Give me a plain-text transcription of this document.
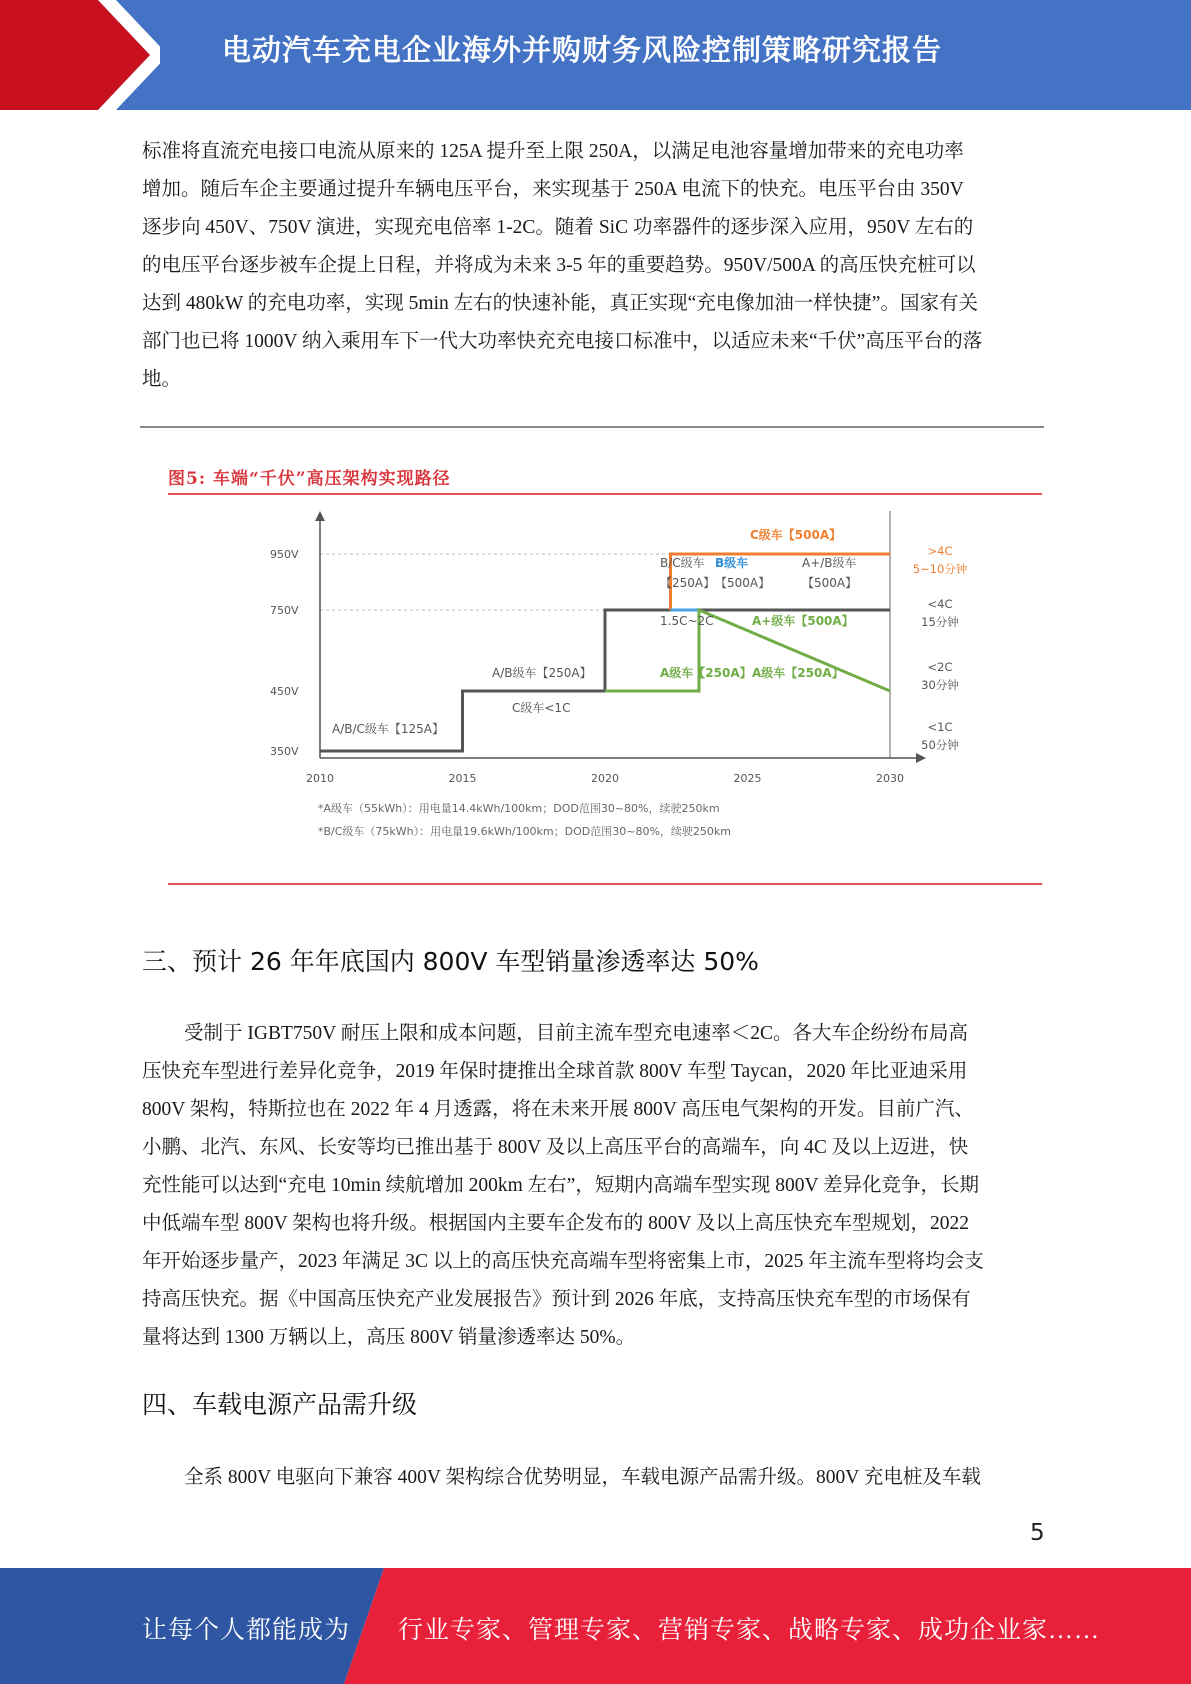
电动汽车充电企业海外并购财务风险控制策略研究报告
标准将直流充电接口电流从原来的 125A 提升至上限 250A，以满足电池容量增加带来的充电功率
增加。随后车企主要通过提升车辆电压平台，来实现基于 250A 电流下的快充。电压平台由 350V
逐步向 450V、750V 演进，实现充电倍率 1-2C。随着 SiC 功率器件的逐步深入应用，950V 左右的
的电压平台逐步被车企提上日程，并将成为未来 3-5 年的重要趋势。950V/500A 的高压快充桩可以
达到 480kW 的充电功率，实现 5min 左右的快速补能，真正实现“充电像加油一样快捷”。国家有关
部门也已将 1000V 纳入乘用车下一代大功率快充充电接口标准中，以适应未来“千伏”高压平台的落
地。
图5: 车端“千伏”高压架构实现路径
350V
450V
750V
950V
2010	2015	2020	2025	2030
C级车【500A】
B/C级车
【250A】
B级车
【500A】
A+/B级车
【500A】
1.5C~2C	A+级车【500A】
A/B级车【250A】	A级车【250A】 A级车【250A】
C级车<1C
A/B/C级车【125A】
>4C
5~10分钟
<4C
15分钟
<2C
30分钟
<1C
50分钟
*A级车（55kWh）：用电量14.4kWh/100km；DOD范围30~80%，续驶250km
*B/C级车（75kWh）：用电量19.6kWh/100km；DOD范围30~80%，续驶250km
三、预计 26 年年底国内 800V 车型销量渗透率达 50%
受制于 IGBT750V 耐压上限和成本问题，目前主流车型充电速率＜2C。各大车企纷纷布局高
压快充车型进行差异化竞争，2019 年保时捷推出全球首款 800V 车型 Taycan，2020 年比亚迪采用
800V 架构，特斯拉也在 2022 年 4 月透露，将在未来开展 800V 高压电气架构的开发。目前广汽、
小鹏、北汽、东风、长安等均已推出基于 800V 及以上高压平台的高端车，向 4C 及以上迈进，快
充性能可以达到“充电 10min 续航增加 200km 左右”，短期内高端车型实现 800V 差异化竞争，长期
中低端车型 800V 架构也将升级。根据国内主要车企发布的 800V 及以上高压快充车型规划，2022
年开始逐步量产，2023 年满足 3C 以上的高压快充高端车型将密集上市，2025 年主流车型将均会支
持高压快充。据《中国高压快充产业发展报告》预计到 2026 年底，支持高压快充车型的市场保有
量将达到 1300 万辆以上，高压 800V 销量渗透率达 50%。
四、车载电源产品需升级
全系 800V 电驱向下兼容 400V 架构综合优势明显，车载电源产品需升级。800V 充电桩及车载
5
让每个人都能成为 行业专家、管理专家、营销专家、战略专家、成功企业家……
